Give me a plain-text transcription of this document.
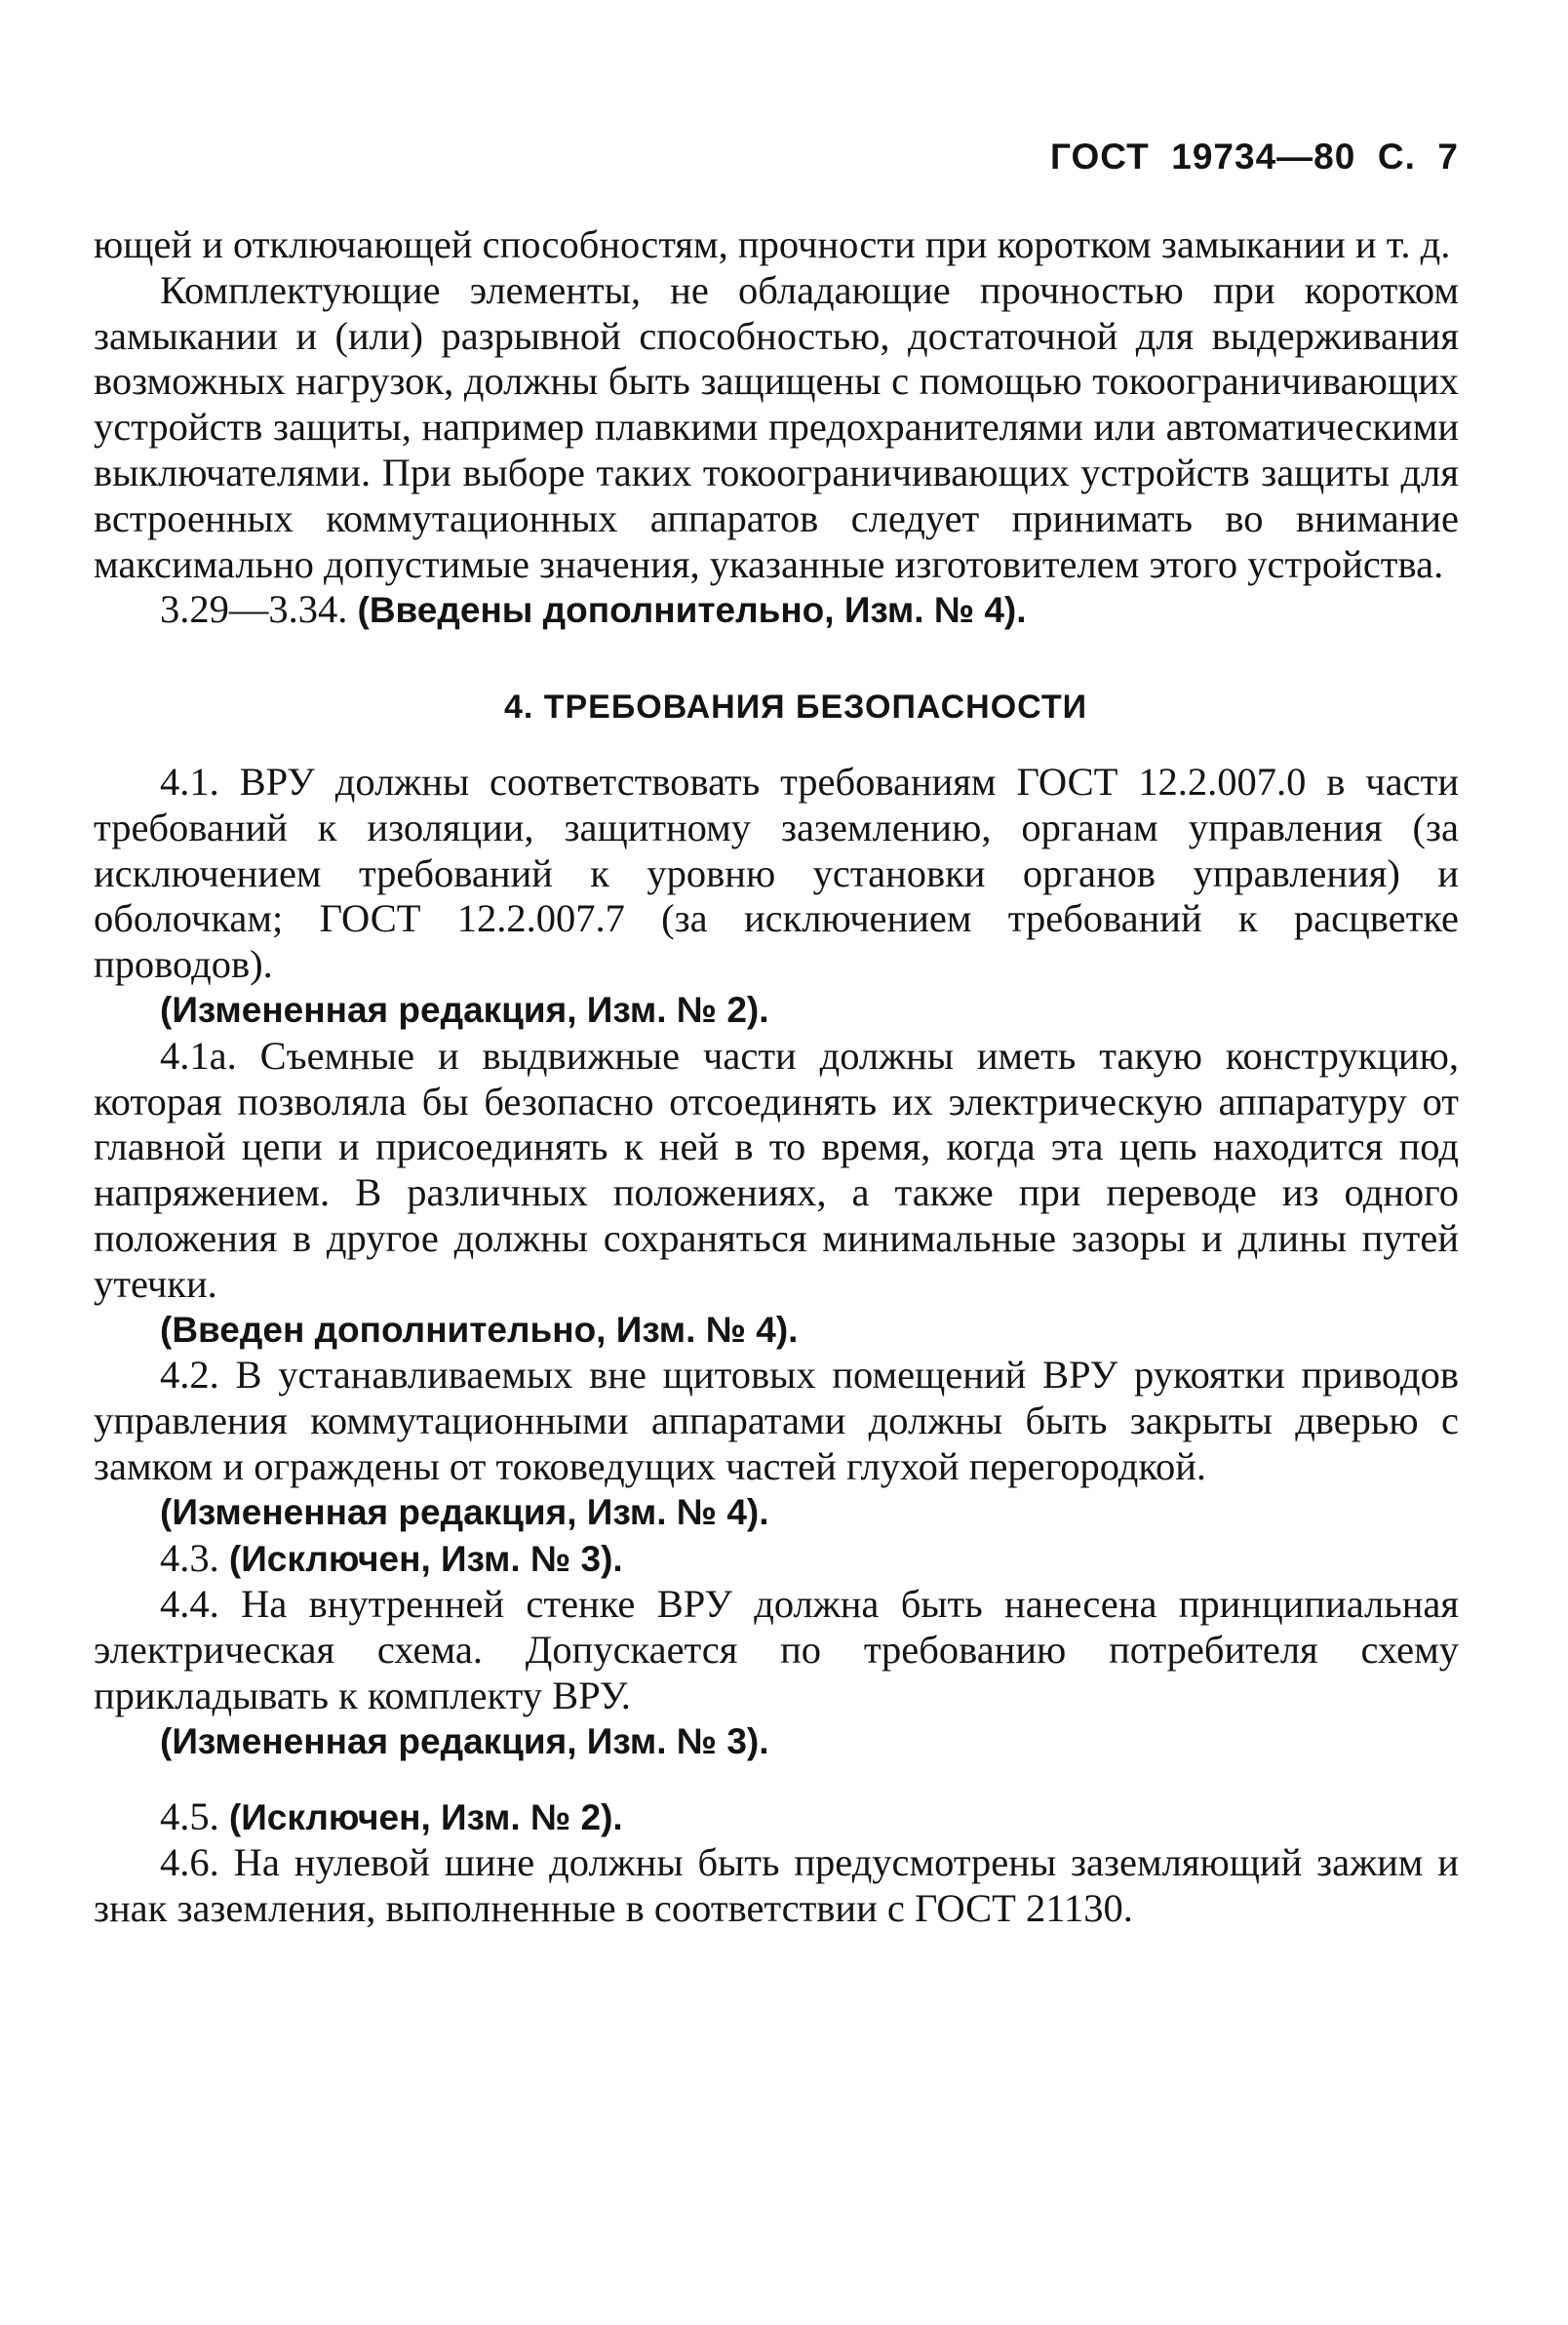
ГОСТ  19734—80  С.  7

ющей и отключающей способностям, прочности при коротком замыкании и т. д.

Комплектующие элементы, не обладающие прочностью при коротком замыкании и (или) разрывной способностью, достаточной для выдерживания возможных нагрузок, должны быть защищены с помощью токоограничивающих устройств защиты, например плавкими предохранителями или автоматическими выключателями. При выборе таких токоограничивающих устройств защиты для встроенных коммутационных аппаратов следует принимать во внимание максимально допустимые значения, указанные изготовителем этого устройства.

3.29—3.34. (Введены дополнительно, Изм. № 4).

4. ТРЕБОВАНИЯ БЕЗОПАСНОСТИ

4.1. ВРУ должны соответствовать требованиям ГОСТ 12.2.007.0 в части требований к изоляции, защитному заземлению, органам управления (за исключением требований к уровню установки органов управления) и оболочкам; ГОСТ 12.2.007.7 (за исключением требований к расцветке проводов).

(Измененная редакция, Изм. № 2).

4.1а. Съемные и выдвижные части должны иметь такую конструкцию, которая позволяла бы безопасно отсоединять их электрическую аппаратуру от главной цепи и присоединять к ней в то время, когда эта цепь находится под напряжением. В различных положениях, а также при переводе из одного положения в другое должны сохраняться минимальные зазоры и длины путей утечки.

(Введен дополнительно, Изм. № 4).

4.2. В устанавливаемых вне щитовых помещений ВРУ рукоятки приводов управления коммутационными аппаратами должны быть закрыты дверью с замком и ограждены от токоведущих частей глухой перегородкой.

(Измененная редакция, Изм. № 4).

4.3. (Исключен, Изм. № 3).

4.4. На внутренней стенке ВРУ должна быть нанесена принципиальная электрическая схема. Допускается по требованию потребителя схему прикладывать к комплекту ВРУ.

(Измененная редакция, Изм. № 3).

4.5. (Исключен, Изм. № 2).

4.6. На нулевой шине должны быть предусмотрены заземляющий зажим и знак заземления, выполненные в соответствии с ГОСТ 21130.
